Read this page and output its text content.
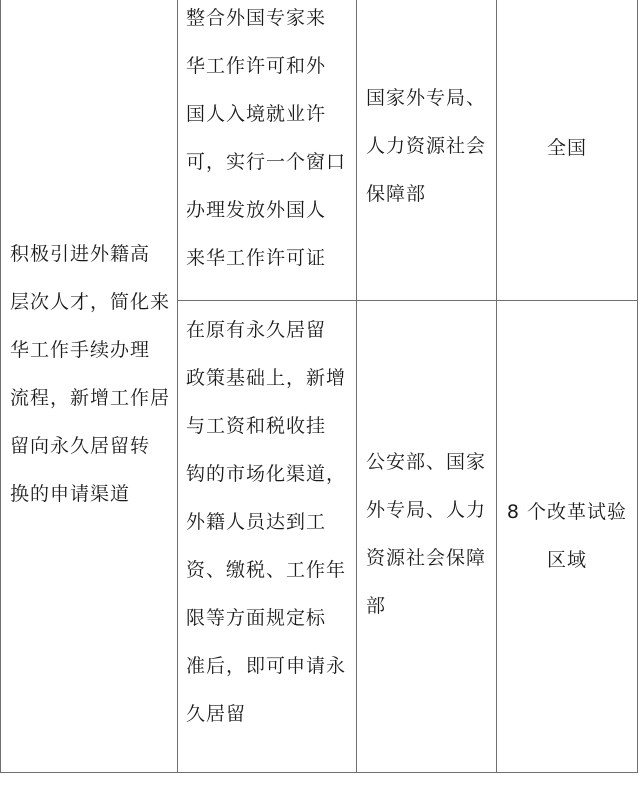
积极引进外籍高
层次人才，简化来
华工作手续办理
流程，新增工作居
留向永久居留转
换的申请渠道
整合外国专家来
华工作许可和外
国人入境就业许
可，实行一个窗口
办理发放外国人
来华工作许可证
国家外专局、
人力资源社会
保障部
全国
在原有永久居留
政策基础上，新增
与工资和税收挂
钩的市场化渠道，
外籍人员达到工
资、缴税、工作年
限等方面规定标
准后，即可申请永
久居留
公安部、国家
外专局、人力
资源社会保障
部
8 个改革试验
区域
